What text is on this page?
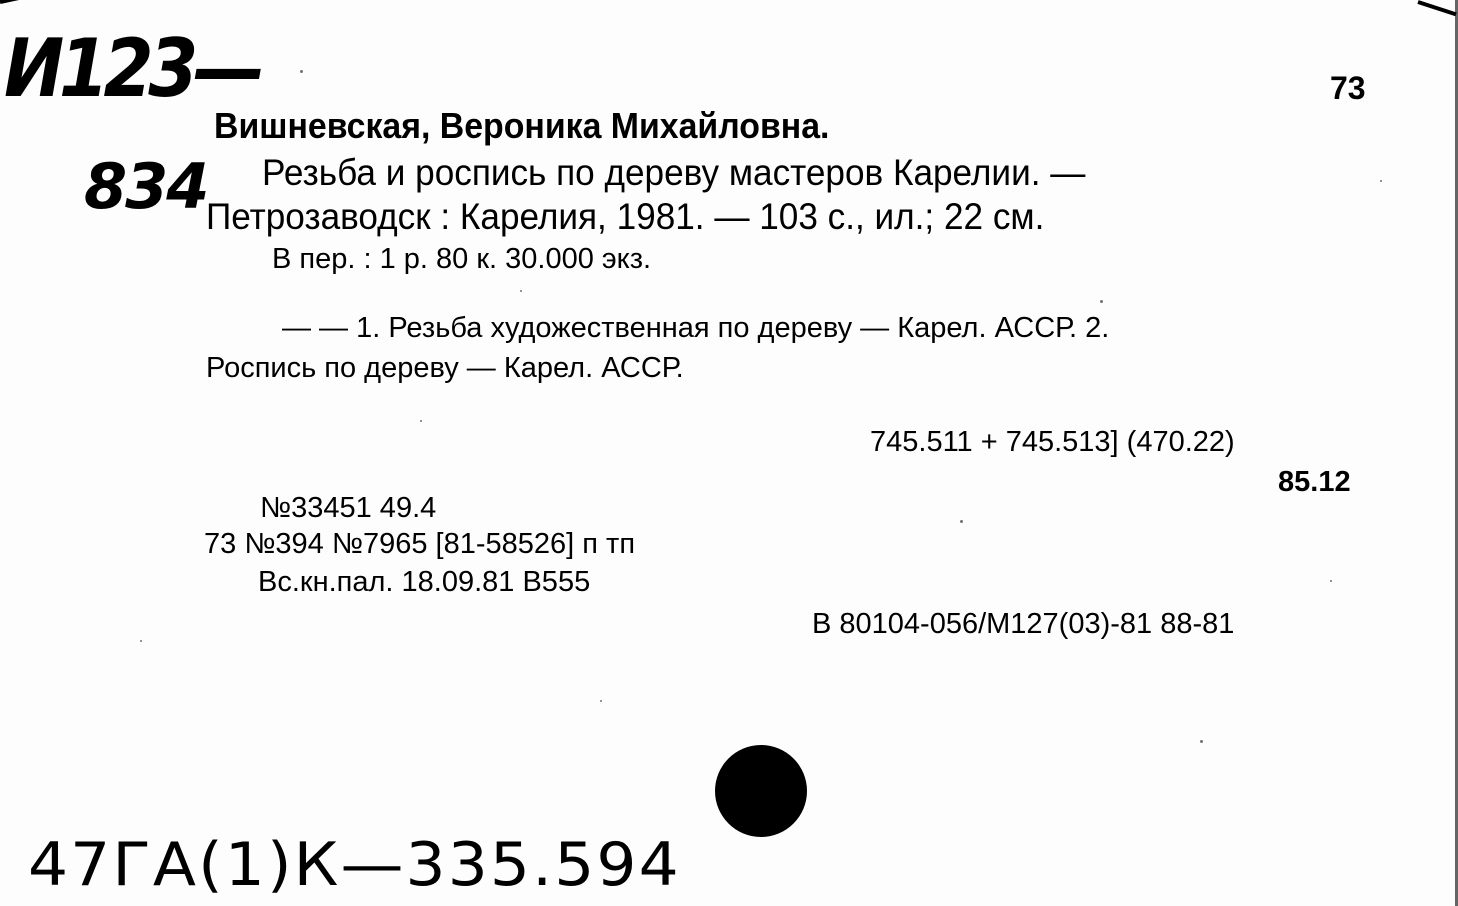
И123—
834
73
Вишневская, Вероника Михайловна.
Резьба и роспись по дереву мастеров Карелии. —
Петрозаводск : Карелия, 1981. — 103 с., ил.; 22 см.
В пер. : 1 р. 80 к. 30.000 экз.
— — 1. Резьба художественная по дереву — Карел. АССР. 2.
Роспись по дереву — Карел. АССР.
745.511 + 745.513] (470.22)
85.12
№33451 49.4
73 №394 №7965 [81-58526] п тп
Вс.кн.пал. 18.09.81 В555
В 80104-056/М127(03)-81 88-81
47ГА(1)К—335.594
